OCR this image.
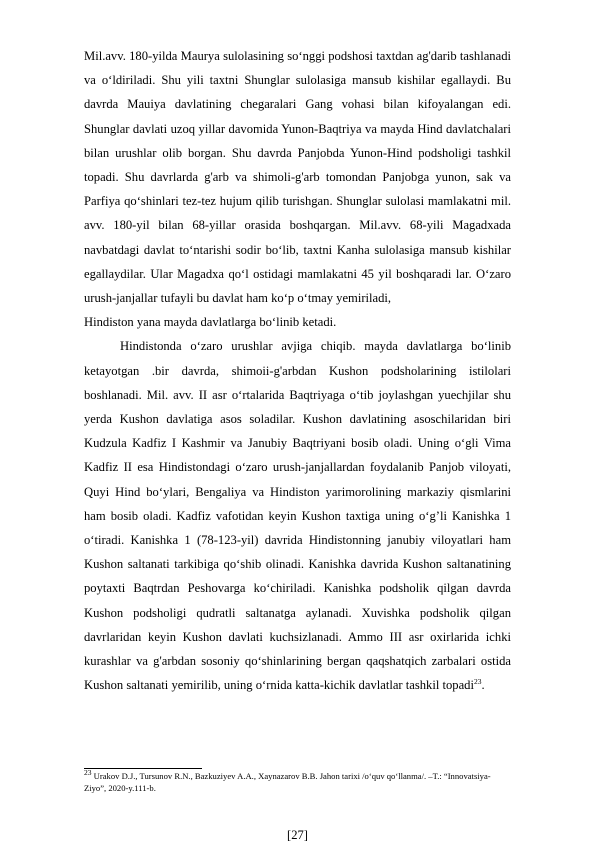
Mil.avv. 180-yilda Maurya sulolasining so‘nggi podshosi taxtdan ag'darib tashlanadi va o‘ldiriladi. Shu yili taxtni Shunglar sulolasiga mansub kishilar egallaydi. Bu davrda Mauiya davlatining chegaralari Gang vohasi bilan kifoyalangan edi. Shunglar davlati uzoq yillar davomida Yunon-Baqtriya va mayda Hind davlatchalari bilan urushlar olib borgan. Shu davrda Panjobda Yunon-Hind podsholigi tashkil topadi. Shu davrlarda g'arb va shimoli-g'arb tomondan Panjobga yunon, sak va Parfiya qo‘shinlari tez-tez hujum qilib turishgan. Shunglar sulolasi mamlakatni mil. avv. 180-yil bilan 68-yillar orasida boshqargan. Mil.avv. 68-yili Magadxada navbatdagi davlat to‘ntarishi sodir bo‘lib, taxtni Kanha sulolasiga mansub kishilar egallaydilar. Ular Magadxa qo‘l ostidagi mamlakatni 45 yil boshqaradi lar. O‘zaro urush-janjallar tufayli bu davlat ham ko‘p o‘tmay yemiriladi,

Hindiston yana mayda davlatlarga bo‘linib ketadi.

Hindistonda o‘zaro urushlar avjiga chiqib. mayda davlatlarga bo‘linib ketayotgan .bir davrda, shimoii-g'arbdan Kushon podsholarining istilolari boshlanadi. Mil. avv. II asr o‘rtalarida Baqtriyaga o‘tib joylashgan yuechjilar shu yerda Kushon davlatiga asos soladilar. Kushon davlatining asoschilaridan biri Kudzula Kadfiz I Kashmir va Janubiy Baqtriyani bosib oladi. Uning o‘gli Vima Kadfiz II esa Hindistondagi o‘zaro urush-janjallardan foydalanib Panjob viloyati, Quyi Hind bo‘ylari, Bengaliya va Hindiston yarimorolining markaziy qismlarini ham bosib oladi. Kadfiz vafotidan keyin Kushon taxtiga uning o‘g’li Kanishka 1 o‘tiradi. Kanishka 1 (78-123-yil) davrida Hindistonning janubiy viloyatlari ham Kushon saltanati tarkibiga qo‘shib olinadi. Kanishka davrida Kushon saltanatining poytaxti Baqtrdan Peshovarga ko‘chiriladi. Kanishka podsholik qilgan davrda Kushon podsholigi qudratli saltanatga aylanadi. Xuvishka podsholik qilgan davrlaridan keyin Kushon davlati kuchsizlanadi. Ammo III asr oxirlarida ichki kurashlar va g'arbdan sosoniy qo‘shinlarining bergan qaqshatqich zarbalari ostida Kushon saltanati yemirilib, uning o‘rnida katta-kichik davlatlar tashkil topadi$^{23}$.

$^{23}$ Urakov D.J., Tursunov R.N., Bazkuziyev A.A., Xaynazarov B.B. Jahon tarixi /o‘quv qo‘llanma/. –T.: “Innovatsiya-Ziyo”, 2020-y.111-b.

[27]
